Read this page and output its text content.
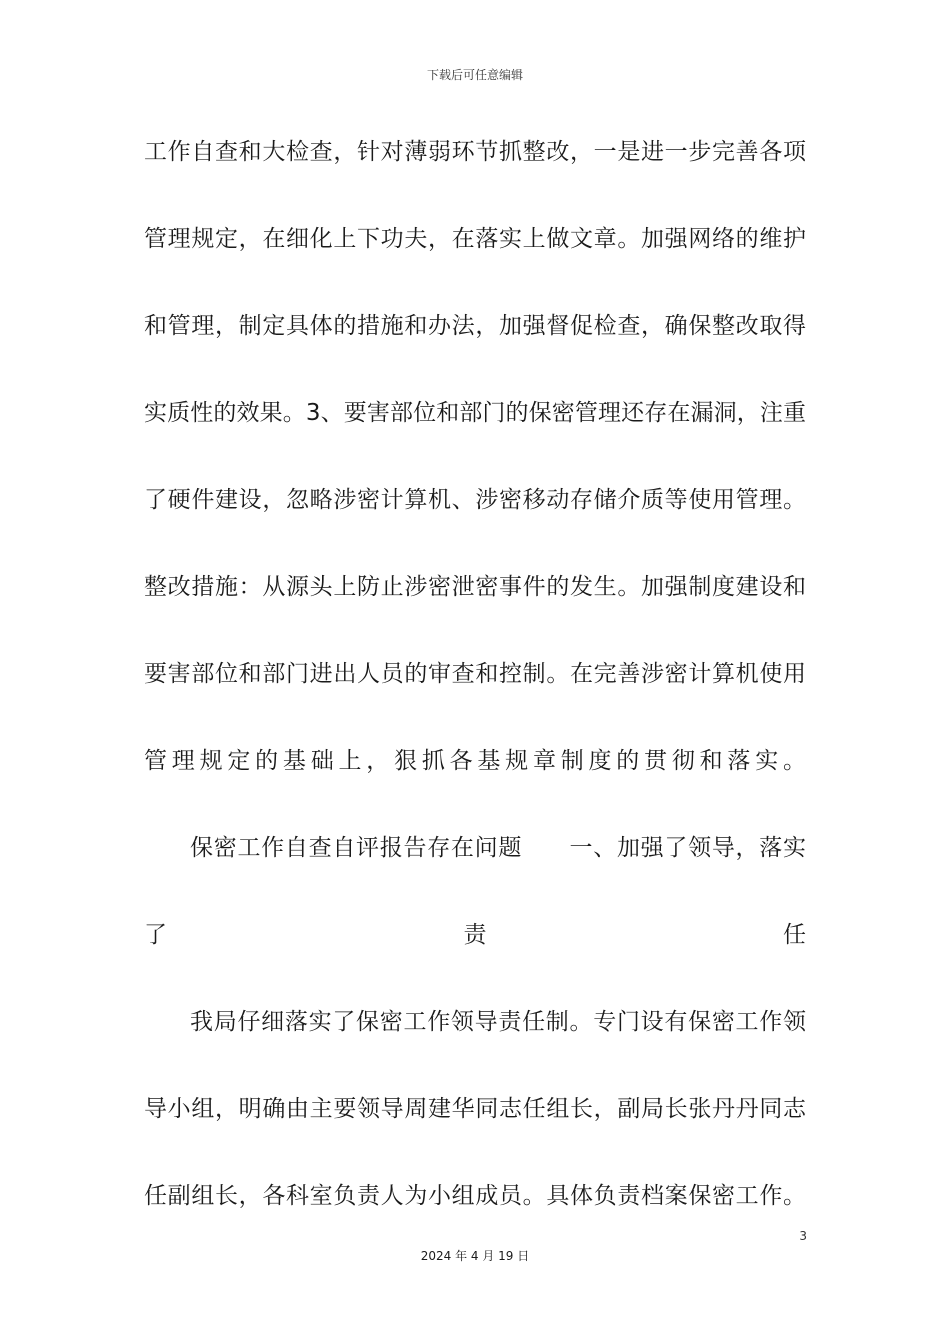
下载后可任意编辑
工作自查和大检查，针对薄弱环节抓整改，一是进一步完善各项
管理规定，在细化上下功夫，在落实上做文章。加强网络的维护
和管理，制定具体的措施和办法，加强督促检查，确保整改取得
实质性的效果。3、要害部位和部门的保密管理还存在漏洞，注重
了硬件建设，忽略涉密计算机、涉密移动存储介质等使用管理。
整改措施：从源头上防止涉密泄密事件的发生。加强制度建设和
要害部位和部门进出人员的审查和控制。在完善涉密计算机使用
管理规定的基础上，狠抓各基规章制度的贯彻和落实。
保密工作自查自评报告存在问题　　一、加强了领导，落实
了责任
我局仔细落实了保密工作领导责任制。专门设有保密工作领
导小组，明确由主要领导周建华同志任组长，副局长张丹丹同志
任副组长，各科室负责人为小组成员。具体负责档案保密工作。
3
2024 年 4 月 19 日
